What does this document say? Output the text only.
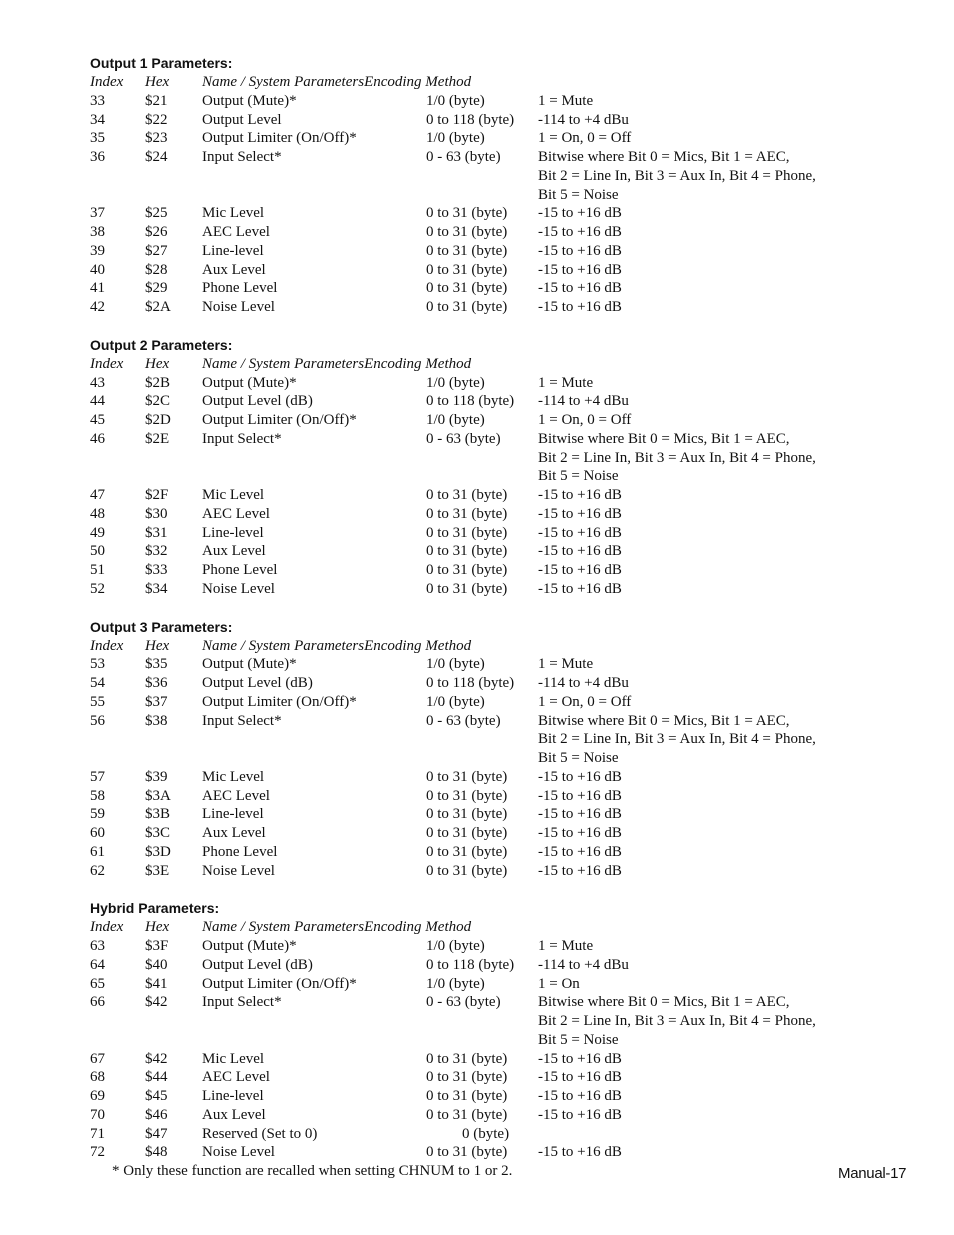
Output 1 Parameters:
Index Hex Name / System ParametersEncoding Method
33	$21 Output (Mute)*	1/0 (byte)	1 = Mute
34	$22 Output Level	0 to 118 (byte) -114 to +4 dBu
35	$23 Output Limiter (On/Off)*	1/0 (byte)	1 = On, 0 = Off
36	$24 Input Select*	0 - 63 (byte) Bitwise where Bit 0 = Mics, Bit 1 = AEC,
Bit 2 = Line In, Bit 3 = Aux In, Bit 4 = Phone,
Bit 5 = Noise
37	$25 Mic Level	0 to 31 (byte) -15 to +16 dB
38	$26 AEC Level	0 to 31 (byte) -15 to +16 dB
39	$27 Line-level	0 to 31 (byte) -15 to +16 dB
40	$28 Aux Level	0 to 31 (byte) -15 to +16 dB
41	$29 Phone Level	0 to 31 (byte) -15 to +16 dB
42	$2A Noise Level	0 to 31 (byte) -15 to +16 dB
Output 2 Parameters:
Index Hex Name / System ParametersEncoding Method
43	$2B Output (Mute)*	1/0 (byte)	1 = Mute
44	$2C Output Level (dB)	0 to 118 (byte) -114 to +4 dBu
45	$2D Output Limiter (On/Off)*	1/0 (byte)	1 = On, 0 = Off
46	$2E Input Select*	0 - 63 (byte) Bitwise where Bit 0 = Mics, Bit 1 = AEC,
Bit 2 = Line In, Bit 3 = Aux In, Bit 4 = Phone,
Bit 5 = Noise
47	$2F Mic Level	0 to 31 (byte) -15 to +16 dB
48	$30 AEC Level	0 to 31 (byte) -15 to +16 dB
49	$31 Line-level	0 to 31 (byte) -15 to +16 dB
50	$32 Aux Level	0 to 31 (byte) -15 to +16 dB
51	$33 Phone Level	0 to 31 (byte) -15 to +16 dB
52	$34 Noise Level	0 to 31 (byte) -15 to +16 dB
Output 3 Parameters:
Index Hex Name / System ParametersEncoding Method
53	$35 Output (Mute)*	1/0 (byte)	1 = Mute
54	$36 Output Level (dB)	0 to 118 (byte) -114 to +4 dBu
55	$37 Output Limiter (On/Off)*	1/0 (byte)	1 = On, 0 = Off
56	$38 Input Select*	0 - 63 (byte) Bitwise where Bit 0 = Mics, Bit 1 = AEC,
Bit 2 = Line In, Bit 3 = Aux In, Bit 4 = Phone,
Bit 5 = Noise
57	$39 Mic Level	0 to 31 (byte) -15 to +16 dB
58	$3A AEC Level	0 to 31 (byte) -15 to +16 dB
59	$3B Line-level	0 to 31 (byte) -15 to +16 dB
60	$3C Aux Level	0 to 31 (byte) -15 to +16 dB
61	$3D Phone Level	0 to 31 (byte) -15 to +16 dB
62	$3E Noise Level	0 to 31 (byte) -15 to +16 dB
Hybrid Parameters:
Index Hex Name / System ParametersEncoding Method
63	$3F Output (Mute)*	1/0 (byte)	1 = Mute
64	$40 Output Level (dB)	0 to 118 (byte) -114 to +4 dBu
65	$41 Output Limiter (On/Off)*	1/0 (byte)	1 = On
66	$42 Input Select*	0 - 63 (byte) Bitwise where Bit 0 = Mics, Bit 1 = AEC,
Bit 2 = Line In, Bit 3 = Aux In, Bit 4 = Phone,
Bit 5 = Noise
67	$42 Mic Level	0 to 31 (byte) -15 to +16 dB
68	$44 AEC Level	0 to 31 (byte) -15 to +16 dB
69	$45 Line-level	0 to 31 (byte) -15 to +16 dB
70	$46 Aux Level	0 to 31 (byte) -15 to +16 dB
71	$47 Reserved (Set to 0)	0 (byte)
72	$48 Noise Level	0 to 31 (byte) -15 to +16 dB
* Only these function are recalled when setting CHNUM to 1 or 2.	Manual-17
